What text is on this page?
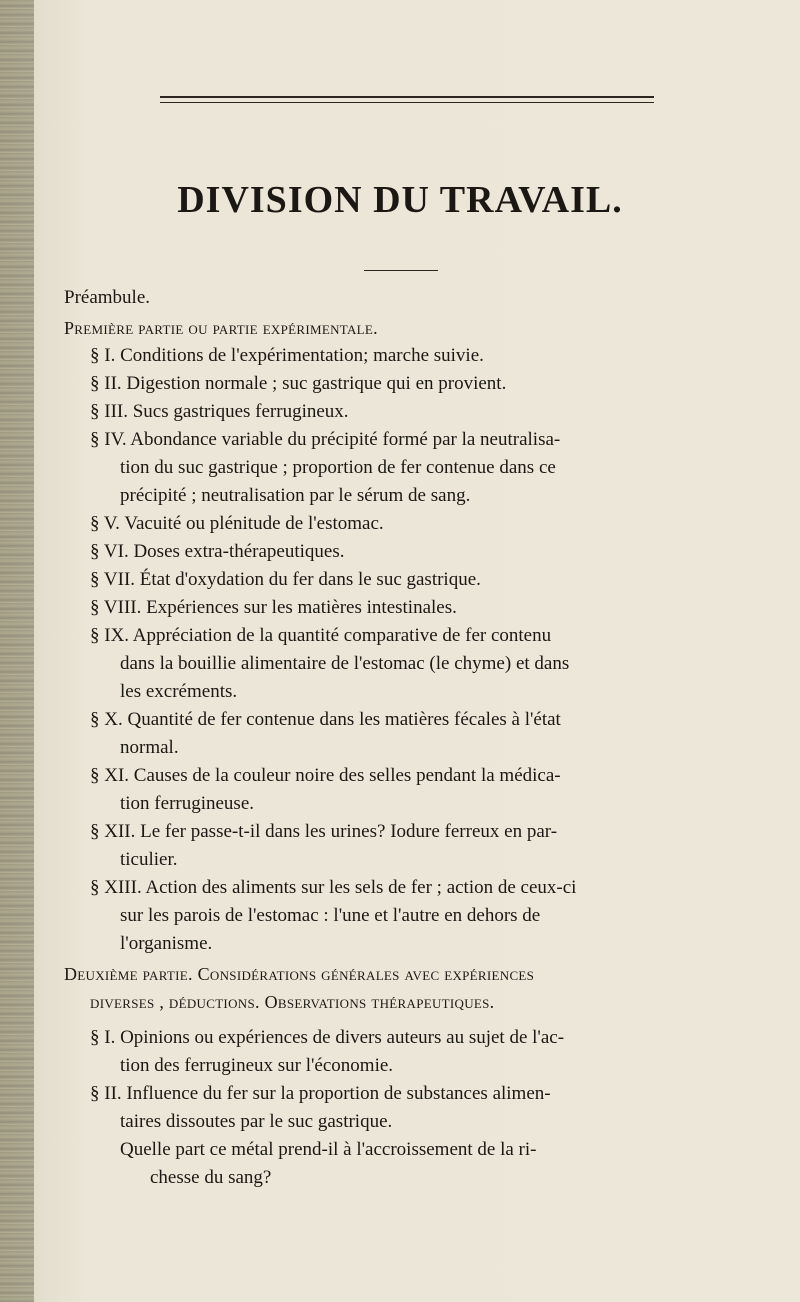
DIVISION DU TRAVAIL.
Préambule.
Première partie ou partie expérimentale.
§ I. Conditions de l'expérimentation; marche suivie.
§ II. Digestion normale ; suc gastrique qui en provient.
§ III. Sucs gastriques ferrugineux.
§ IV. Abondance variable du précipité formé par la neutralisa-
tion du suc gastrique ; proportion de fer contenue dans ce
précipité ; neutralisation par le sérum de sang.
§ V. Vacuité ou plénitude de l'estomac.
§ VI. Doses extra-thérapeutiques.
§ VII. État d'oxydation du fer dans le suc gastrique.
§ VIII. Expériences sur les matières intestinales.
§ IX. Appréciation de la quantité comparative de fer contenu
dans la bouillie alimentaire de l'estomac (le chyme) et dans
les excréments.
§ X. Quantité de fer contenue dans les matières fécales à l'état
normal.
§ XI. Causes de la couleur noire des selles pendant la médica-
tion ferrugineuse.
§ XII. Le fer passe-t-il dans les urines? Iodure ferreux en par-
ticulier.
§ XIII. Action des aliments sur les sels de fer ; action de ceux-ci
sur les parois de l'estomac : l'une et l'autre en dehors de
l'organisme.
Deuxième partie. Considérations générales avec expériences
diverses , déductions. Observations thérapeutiques.
§ I. Opinions ou expériences de divers auteurs au sujet de l'ac-
tion des ferrugineux sur l'économie.
§ II. Influence du fer sur la proportion de substances alimen-
taires dissoutes par le suc gastrique.
Quelle part ce métal prend-il à l'accroissement de la ri-
chesse du sang?
